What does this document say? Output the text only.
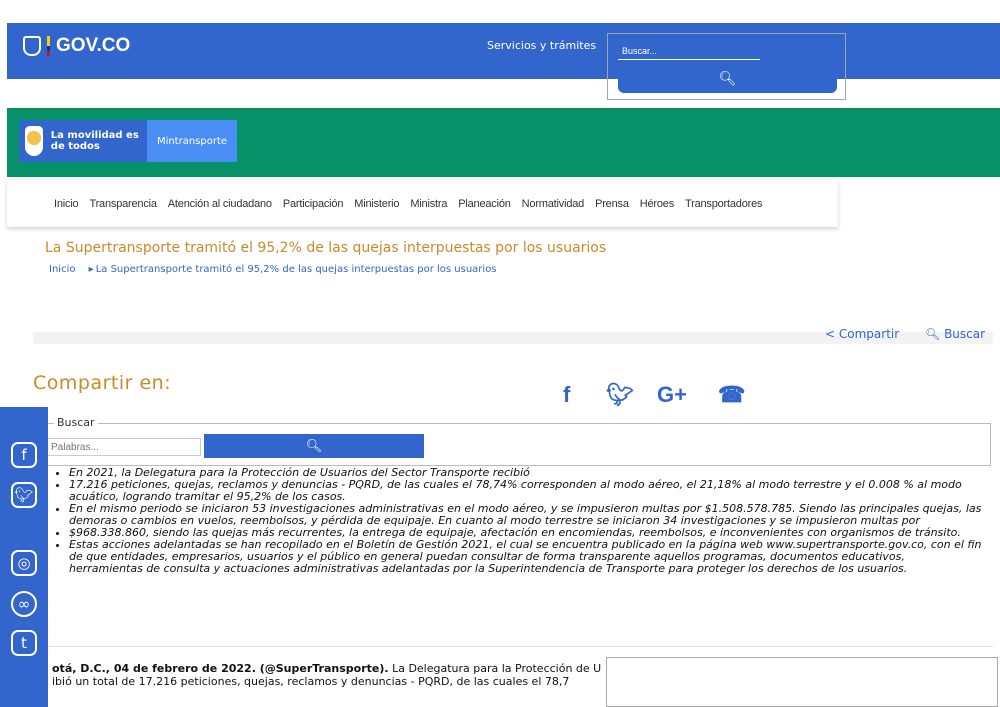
GOV.CO	Servicios y trámites
Buscar...
🔍︎
La movilidad es de todos	Mintransporte
Inicio Transparencia Atención al ciudadano Participación Ministerio Ministra Planeación Normatividad Prensa Héroes Transportadores
La Supertransporte tramitó el 95,2% de las quejas interpuestas por los usuarios
Inicio ▸ La Supertransporte tramitó el 95,2% de las quejas interpuestas por los usuarios
< Compartir 🔍︎ Buscar
Compartir en:	f 🐦︎ G+ ☎
Buscar
Palabras...
🔍︎
• En 2021, la Delegatura para la Protección de Usuarios del Sector Transporte recibió
• 17.216 peticiones, quejas, reclamos y denuncias - PQRD, de las cuales el 78,74% corresponden al modo aéreo, el 21,18% al modo terrestre y el 0.008 % al modo acuático, logrando tramitar el 95,2% de los casos.
• En el mismo periodo se iniciaron 53 investigaciones administrativas en el modo aéreo, y se impusieron multas por $1.508.578.785. Siendo las principales quejas, las demoras o cambios en vuelos, reembolsos, y pérdida de equipaje. En cuanto al modo terrestre se iniciaron 34 investigaciones y se impusieron multas por
• $968.338.860, siendo las quejas más recurrentes, la entrega de equipaje, afectación en encomiendas, reembolsos, e inconvenientes con organismos de tránsito.
• Estas acciones adelantadas se han recopilado en el Boletín de Gestión 2021, el cual se encuentra publicado en la página web www.supertransporte.gov.co, con el fin de que entidades, empresarios, usuarios y el público en general puedan consultar de forma transparente aquellos programas, documentos educativos, herramientas de consulta y actuaciones administrativas adelantadas por la Superintendencia de Transporte para proteger los derechos de los usuarios.
otá, D.C., 04 de febrero de 2022. (@SuperTransporte). La Delegatura para la Protección de U
ibió un total de 17.216 peticiones, quejas, reclamos y denuncias - PQRD, de las cuales el 78,7
f
🐦︎
◎
∞
t
